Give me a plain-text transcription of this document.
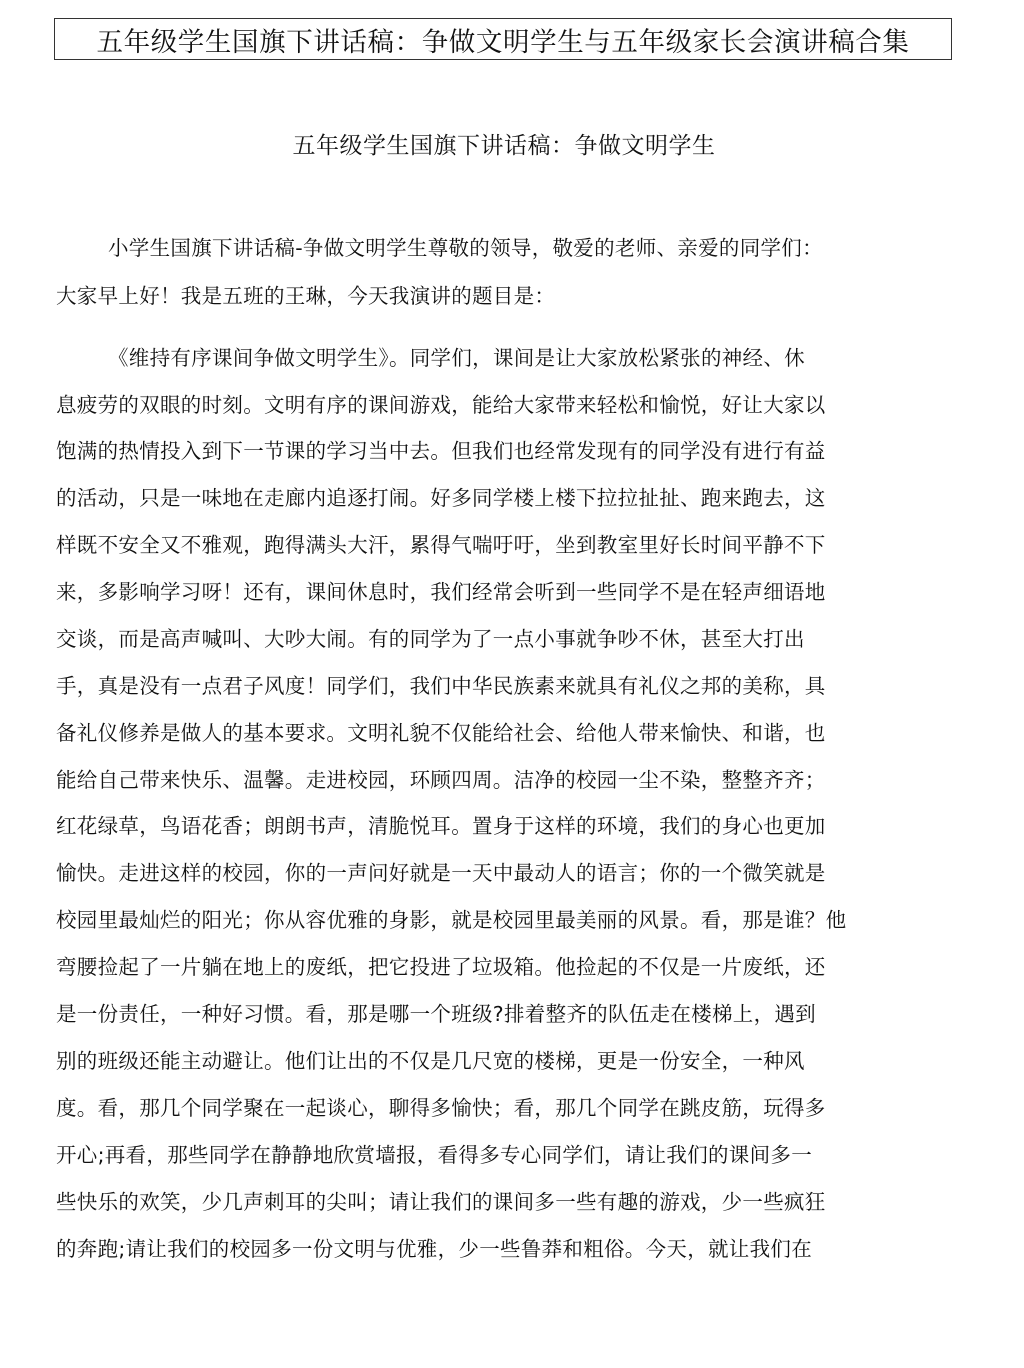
五年级学生国旗下讲话稿：争做文明学生与五年级家长会演讲稿合集
五年级学生国旗下讲话稿：争做文明学生
小学生国旗下讲话稿-争做文明学生尊敬的领导，敬爱的老师、亲爱的同学们：
大家早上好！我是五班的王琳，今天我演讲的题目是：
《维持有序课间争做文明学生》。同学们，课间是让大家放松紧张的神经、休
息疲劳的双眼的时刻。文明有序的课间游戏，能给大家带来轻松和愉悦，好让大家以
饱满的热情投入到下一节课的学习当中去。但我们也经常发现有的同学没有进行有益
的活动，只是一味地在走廊内追逐打闹。好多同学楼上楼下拉拉扯扯、跑来跑去，这
样既不安全又不雅观，跑得满头大汗，累得气喘吁吁，坐到教室里好长时间平静不下
来，多影响学习呀！还有，课间休息时，我们经常会听到一些同学不是在轻声细语地
交谈，而是高声喊叫、大吵大闹。有的同学为了一点小事就争吵不休，甚至大打出
手，真是没有一点君子风度！同学们，我们中华民族素来就具有礼仪之邦的美称，具
备礼仪修养是做人的基本要求。文明礼貌不仅能给社会、给他人带来愉快、和谐，也
能给自己带来快乐、温馨。走进校园，环顾四周。洁净的校园一尘不染，整整齐齐；
红花绿草，鸟语花香；朗朗书声，清脆悦耳。置身于这样的环境，我们的身心也更加
愉快。走进这样的校园，你的一声问好就是一天中最动人的语言；你的一个微笑就是
校园里最灿烂的阳光；你从容优雅的身影，就是校园里最美丽的风景。看，那是谁？他
弯腰捡起了一片躺在地上的废纸，把它投进了垃圾箱。他捡起的不仅是一片废纸，还
是一份责任，一种好习惯。看，那是哪一个班级?排着整齐的队伍走在楼梯上，遇到
别的班级还能主动避让。他们让出的不仅是几尺宽的楼梯，更是一份安全，一种风
度。看，那几个同学聚在一起谈心，聊得多愉快；看，那几个同学在跳皮筋，玩得多
开心;再看，那些同学在静静地欣赏墙报，看得多专心同学们，请让我们的课间多一
些快乐的欢笑，少几声刺耳的尖叫；请让我们的课间多一些有趣的游戏，少一些疯狂
的奔跑;请让我们的校园多一份文明与优雅，少一些鲁莽和粗俗。今天，就让我们在
